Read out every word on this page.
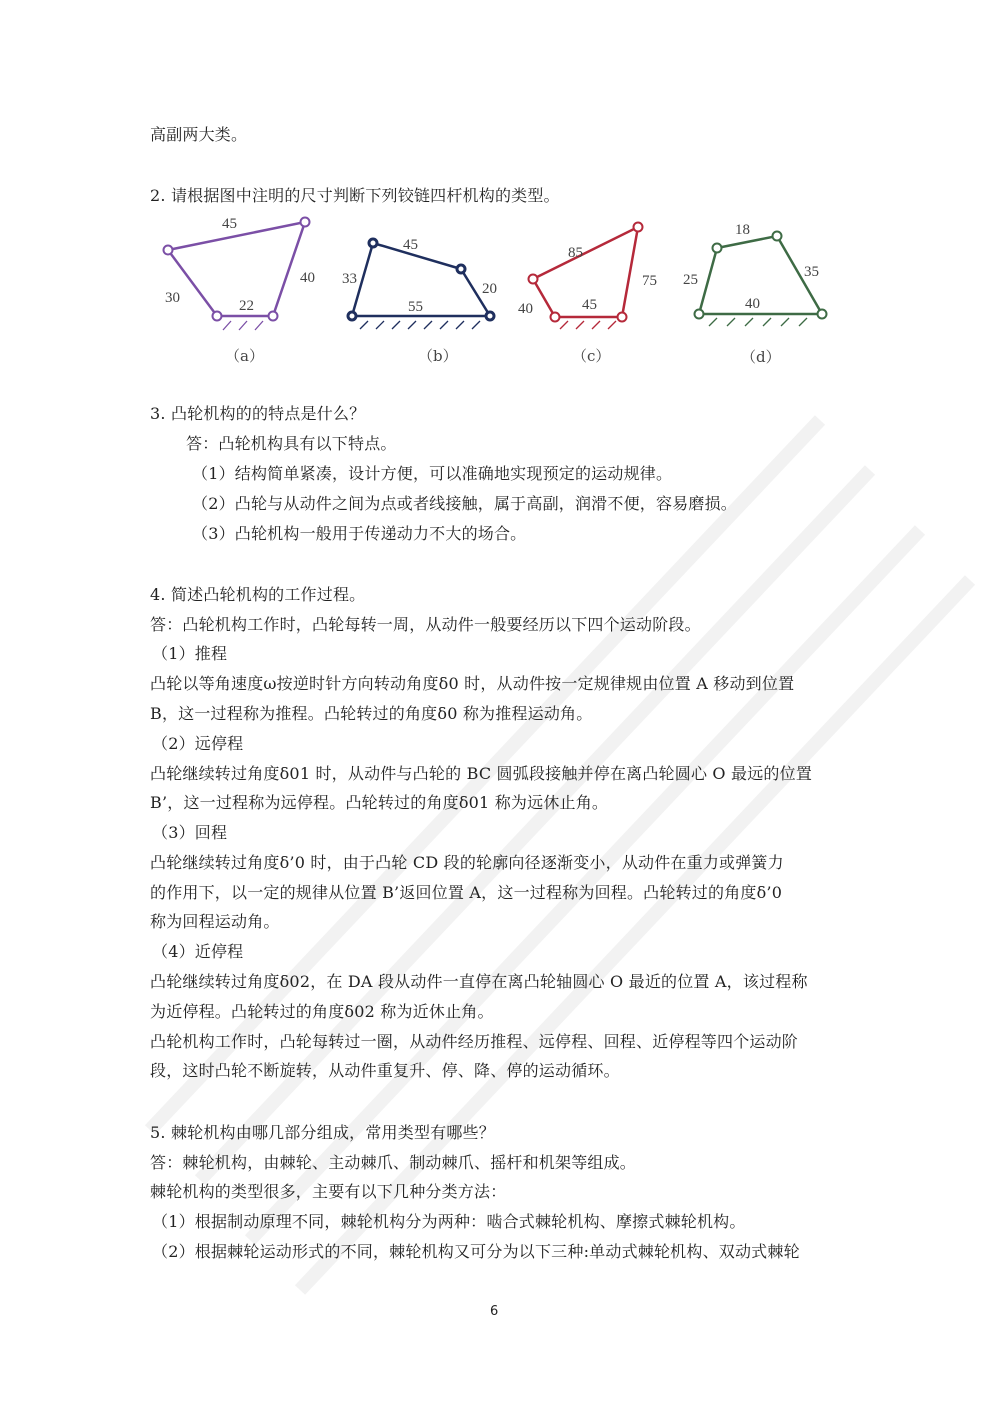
高副两大类。
2. 请根据图中注明的尺寸判断下列铰链四杆机构的类型。
45
30
40
22
（a）
45
33
20
55
（b）
85
40
75
45
（c）
18
25	35
40
（d）
3. 凸轮机构的的特点是什么？
答：凸轮机构具有以下特点。
（1）结构简单紧凑，设计方便，可以准确地实现预定的运动规律。
（2）凸轮与从动件之间为点或者线接触，属于高副，润滑不便，容易磨损。
（3）凸轮机构一般用于传递动力不大的场合。
4. 简述凸轮机构的工作过程。
答：凸轮机构工作时，凸轮每转一周，从动件一般要经历以下四个运动阶段。
（1）推程
凸轮以等角速度ω按逆时针方向转动角度δ0 时，从动件按一定规律规由位置 A 移动到位置
B，这一过程称为推程。凸轮转过的角度δ0 称为推程运动角。
（2）远停程
凸轮继续转过角度δ01 时，从动件与凸轮的 BC 圆弧段接触并停在离凸轮圆心 O 最远的位置
B’，这一过程称为远停程。凸轮转过的角度δ01 称为远休止角。
（3）回程
凸轮继续转过角度δ’0 时，由于凸轮 CD 段的轮廓向径逐渐变小，从动件在重力或弹簧力
的作用下，以一定的规律从位置 B’返回位置 A，这一过程称为回程。凸轮转过的角度δ’0
称为回程运动角。
（4）近停程
凸轮继续转过角度δ02，在 DA 段从动件一直停在离凸轮轴圆心 O 最近的位置 A，该过程称
为近停程。凸轮转过的角度δ02 称为近休止角。
凸轮机构工作时，凸轮每转过一圈，从动件经历推程、远停程、回程、近停程等四个运动阶
段，这时凸轮不断旋转，从动件重复升、停、降、停的运动循环。
5. 棘轮机构由哪几部分组成，常用类型有哪些？
答：棘轮机构，由棘轮、主动棘爪、制动棘爪、摇杆和机架等组成。
棘轮机构的类型很多，主要有以下几种分类方法：
（1）根据制动原理不同，棘轮机构分为两种：啮合式棘轮机构、摩擦式棘轮机构。
（2）根据棘轮运动形式的不同，棘轮机构又可分为以下三种:单动式棘轮机构、双动式棘轮
6
